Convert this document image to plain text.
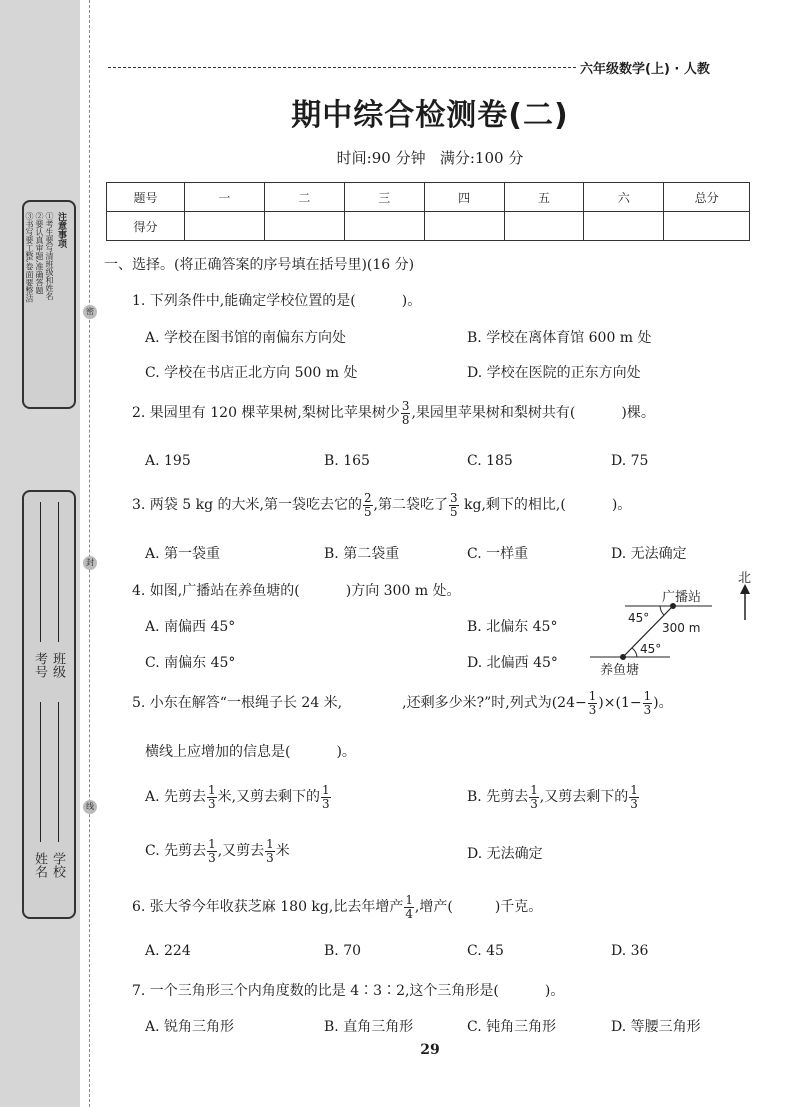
注意事项
①考生要写清班级和姓名
②要认真审题,准确答题
③书写要工整,卷面要整洁
班级
考号
学校
姓名
密
封
线
六年级数学(上) · 人教
期中综合检测卷(二)
时间:90 分钟   满分:100 分
题号	一	二	三	四	五	六	总分
得分							
一、选择。(将正确答案的序号填在括号里)(16 分)
1. 下列条件中,能确定学校位置的是(	)。
A. 学校在图书馆的南偏东方向处	B. 学校在离体育馆 600 m 处
C. 学校在书店正北方向 500 m 处	D. 学校在医院的正东方向处
2. 果园里有 120 棵苹果树,梨树比苹果树少 $\frac{3}{8}$ ,果园里苹果树和梨树共有(	)棵。
A. 195	B. 165	C. 185	D. 75
3. 两袋 5 kg 的大米,第一袋吃去它的 $\frac{2}{5}$ ,第二袋吃了 $\frac{3}{5}$ kg,剩下的相比,(	)。
A. 第一袋重	B. 第二袋重	C. 一样重	D. 无法确定
4. 如图,广播站在养鱼塘的(	)方向 300 m 处。
A. 南偏西 45°	B. 北偏东 45°
C. 南偏东 45°	D. 北偏西 45°
北
广播站
45°
300 m
45°
养鱼塘
5. 小东在解答“一根绳子长 24 米,	,还剩多少米?”时,列式为$(24- \frac{1}{3} )\times(1- \frac{1}{3}$ )。
横线上应增加的信息是(	)。
A. 先剪去 $\frac{1}{3}$ 米,又剪去剩下的 $\frac{1}{3}$	B. 先剪去 $\frac{1}{3}$ ,又剪去剩下的 $\frac{1}{3}$
C. 先剪去 $\frac{1}{3}$ ,又剪去 $\frac{1}{3}$ 米	D. 无法确定
6. 张大爷今年收获芝麻 180 kg,比去年增产 $\frac{1}{4}$ ,增产(	)千克。
A. 224	B. 70	C. 45	D. 36
7. 一个三角形三个内角度数的比是 4∶3∶2,这个三角形是(	)。
A. 锐角三角形	B. 直角三角形	C. 钝角三角形	D. 等腰三角形
29
